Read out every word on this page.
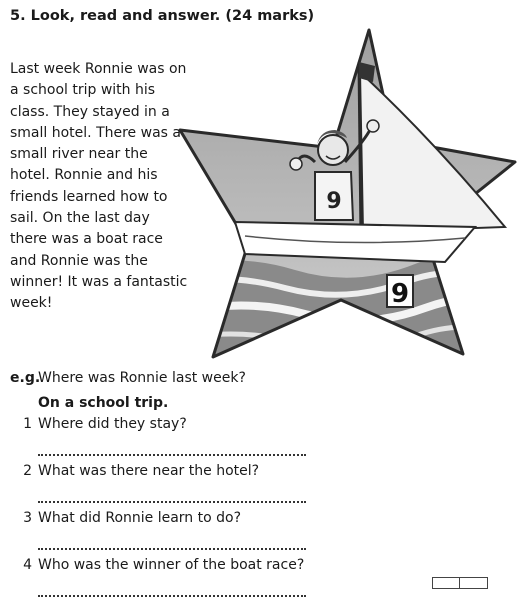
5. Look, read and answer. (24 marks)
Last week Ronnie was on
a school trip with his
class. They stayed in a
small hotel. There was a
small river near the
hotel. Ronnie and his
friends learned how to
sail. On the last day
there was a boat race
and Ronnie was the
winner! It was a fantastic
week!	9
9
e.g.
Where was Ronnie last week?
On a school trip.
1 Where did they stay?
2 What was there near the hotel?
3 What did Ronnie learn to do?
4 Who was the winner of the boat race?
